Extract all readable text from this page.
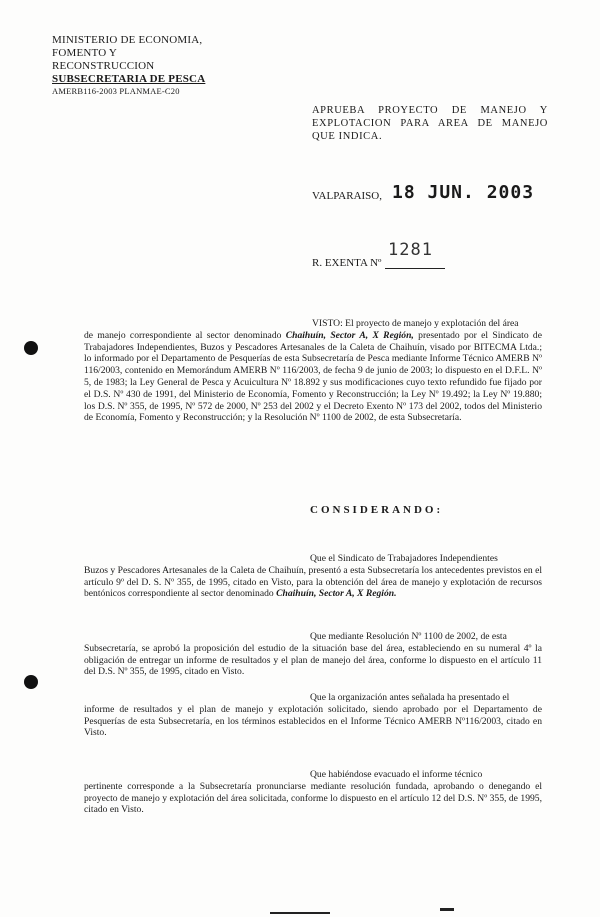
MINISTERIO DE ECONOMIA,
FOMENTO Y RECONSTRUCCION
SUBSECRETARIA DE PESCA
AMERB116-2003 PLANMAE-C20
APRUEBA PROYECTO DE MANEJO Y EXPLOTACION PARA AREA DE MANEJO QUE INDICA.
VALPARAISO, 18 JUN. 2003
R. EXENTA Nº
1281
VISTO: El proyecto de manejo y explotación del área
de manejo correspondiente al sector denominado Chaihuín, Sector A, X Región, presentado por el Sindicato de Trabajadores Independientes, Buzos y Pescadores Artesanales de la Caleta de Chaihuín, visado por BITECMA Ltda.; lo informado por el Departamento de Pesquerías de esta Subsecretaría de Pesca mediante Informe Técnico AMERB Nº 116/2003, contenido en Memorándum AMERB Nº 116/2003, de fecha 9 de junio de 2003; lo dispuesto en el D.F.L. Nº 5, de 1983; la Ley General de Pesca y Acuicultura Nº 18.892 y sus modificaciones cuyo texto refundido fue fijado por el D.S. Nº 430 de 1991, del Ministerio de Economía, Fomento y Reconstrucción; la Ley Nº 19.492; la Ley Nº 19.880; los D.S. Nº 355, de 1995, Nº 572 de 2000, Nº 253 del 2002 y el Decreto Exento Nº 173 del 2002, todos del Ministerio de Economía, Fomento y Reconstrucción; y la Resolución Nº 1100 de 2002, de esta Subsecretaría.
CONSIDERANDO:
Que el Sindicato de Trabajadores Independientes
Buzos y Pescadores Artesanales de la Caleta de Chaihuín, presentó a esta Subsecretaría los antecedentes previstos en el artículo 9º del D. S. Nº 355, de 1995, citado en Visto, para la obtención del área de manejo y explotación de recursos bentónicos correspondiente al sector denominado Chaihuín, Sector A, X Región.
Que mediante Resolución Nº 1100 de 2002, de esta
Subsecretaría, se aprobó la proposición del estudio de la situación base del área, estableciendo en su numeral 4º la obligación de entregar un informe de resultados y el plan de manejo del área, conforme lo dispuesto en el artículo 11 del D.S. Nº 355, de 1995, citado en Visto.
Que la organización antes señalada ha presentado el
informe de resultados y el plan de manejo y explotación solicitado, siendo aprobado por el Departamento de Pesquerías de esta Subsecretaría, en los términos establecidos en el Informe Técnico AMERB Nº116/2003, citado en Visto.
Que habiéndose evacuado el informe técnico
pertinente corresponde a la Subsecretaría pronunciarse mediante resolución fundada, aprobando o denegando el proyecto de manejo y explotación del área solicitada, conforme lo dispuesto en el artículo 12 del D.S. Nº 355, de 1995, citado en Visto.
